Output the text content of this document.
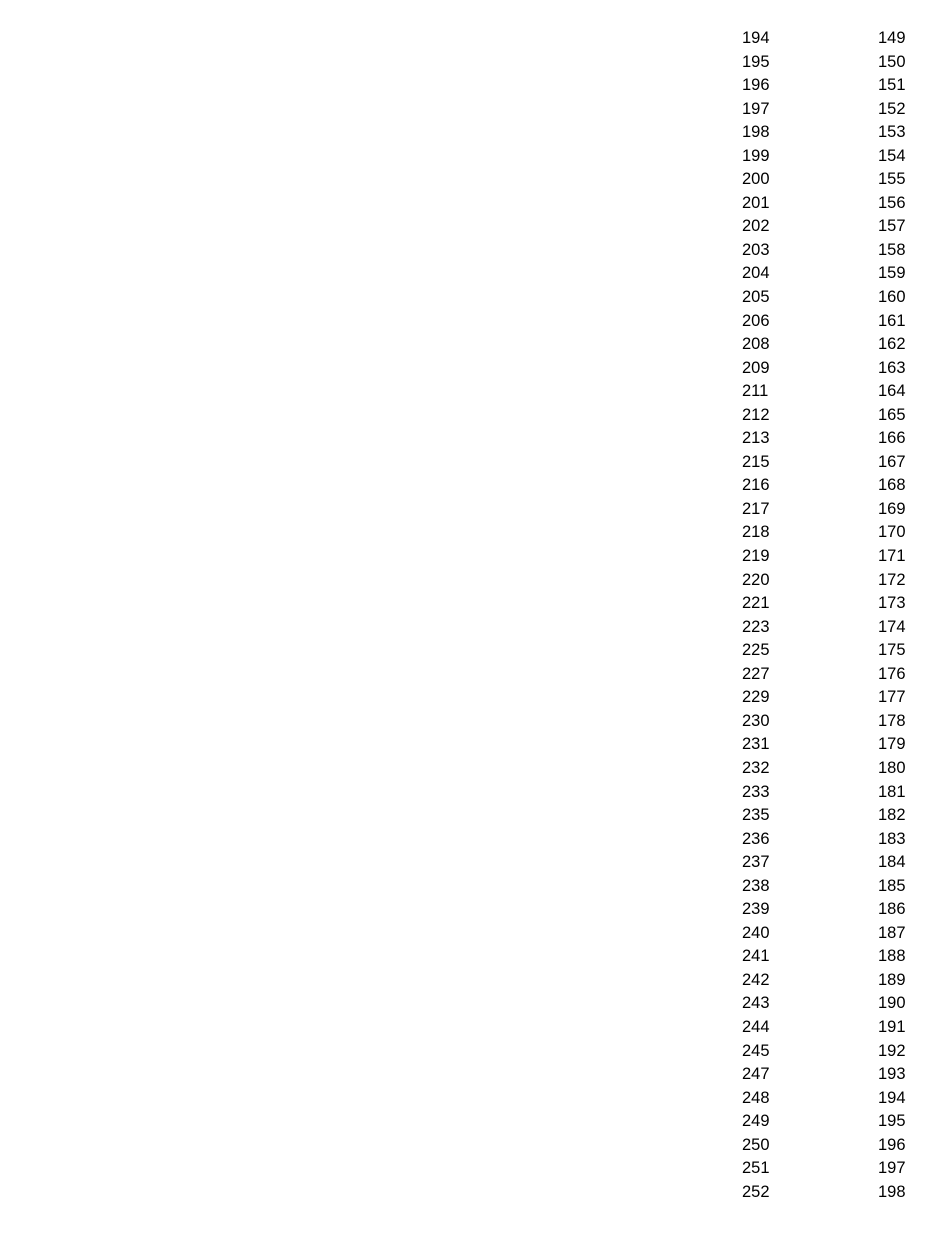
194	149
195	150
196	151
197	152
198	153
199	154
200	155
201	156
202	157
203	158
204	159
205	160
206	161
208	162
209	163
211	164
212	165
213	166
215	167
216	168
217	169
218	170
219	171
220	172
221	173
223	174
225	175
227	176
229	177
230	178
231	179
232	180
233	181
235	182
236	183
237	184
238	185
239	186
240	187
241	188
242	189
243	190
244	191
245	192
247	193
248	194
249	195
250	196
251	197
252	198
